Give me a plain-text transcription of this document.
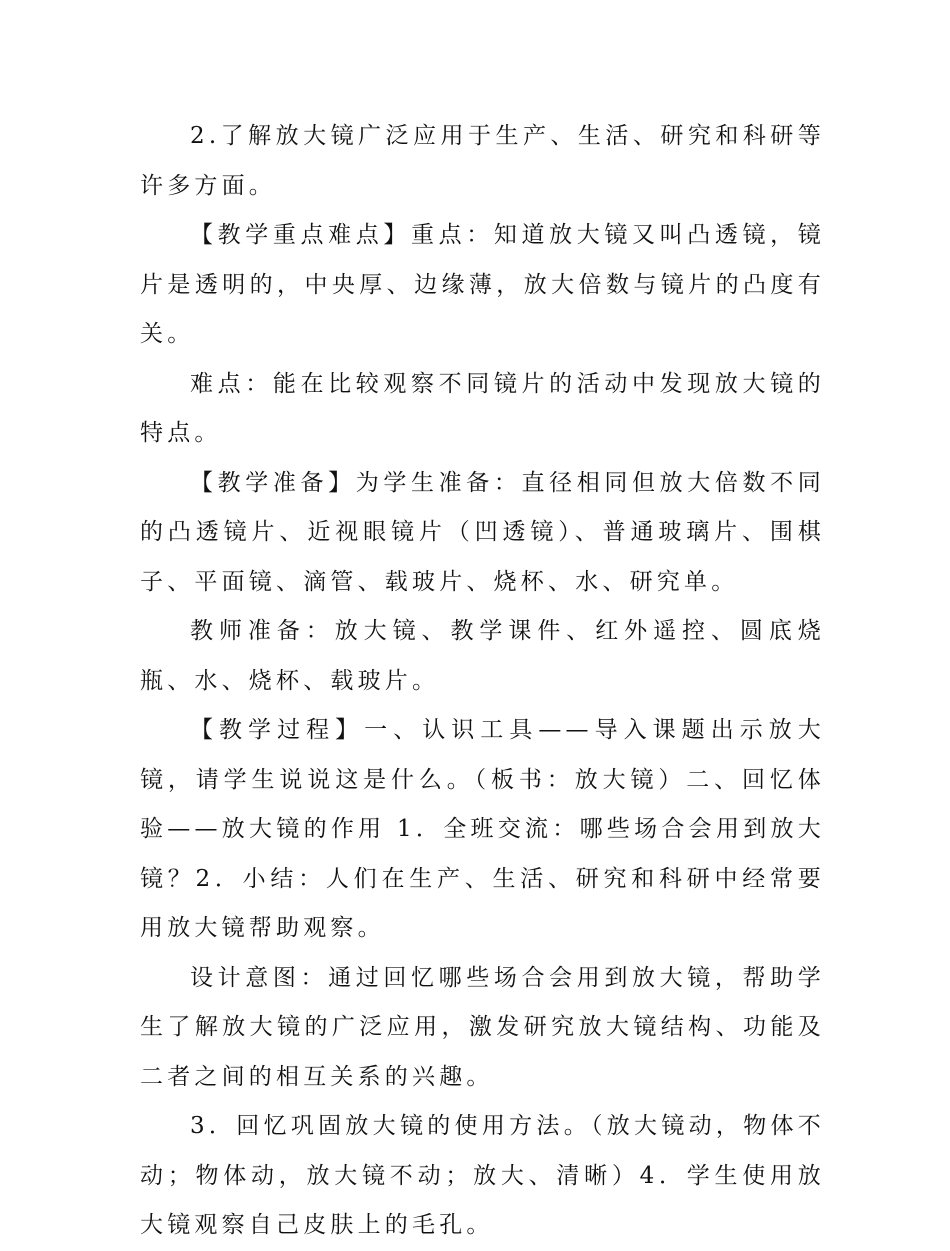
2.了解放大镜广泛应用于生产、生活、研究和科研等许多方面。

【教学重点难点】重点：知道放大镜又叫凸透镜，镜片是透明的，中央厚、边缘薄，放大倍数与镜片的凸度有关。

难点：能在比较观察不同镜片的活动中发现放大镜的特点。

【教学准备】为学生准备：直径相同但放大倍数不同的凸透镜片、近视眼镜片（凹透镜）、普通玻璃片、围棋子、平面镜、滴管、载玻片、烧杯、水、研究单。

教师准备：放大镜、教学课件、红外遥控、圆底烧瓶、水、烧杯、载玻片。

【教学过程】一、认识工具——导入课题出示放大镜，请学生说说这是什么。（板书：放大镜）二、回忆体验——放大镜的作用 1．全班交流：哪些场合会用到放大镜？2．小结：人们在生产、生活、研究和科研中经常要用放大镜帮助观察。

设计意图：通过回忆哪些场合会用到放大镜，帮助学生了解放大镜的广泛应用，激发研究放大镜结构、功能及二者之间的相互关系的兴趣。

3．回忆巩固放大镜的使用方法。（放大镜动，物体不动；物体动，放大镜不动；放大、清晰）4．学生使用放大镜观察自己皮肤上的毛孔。
